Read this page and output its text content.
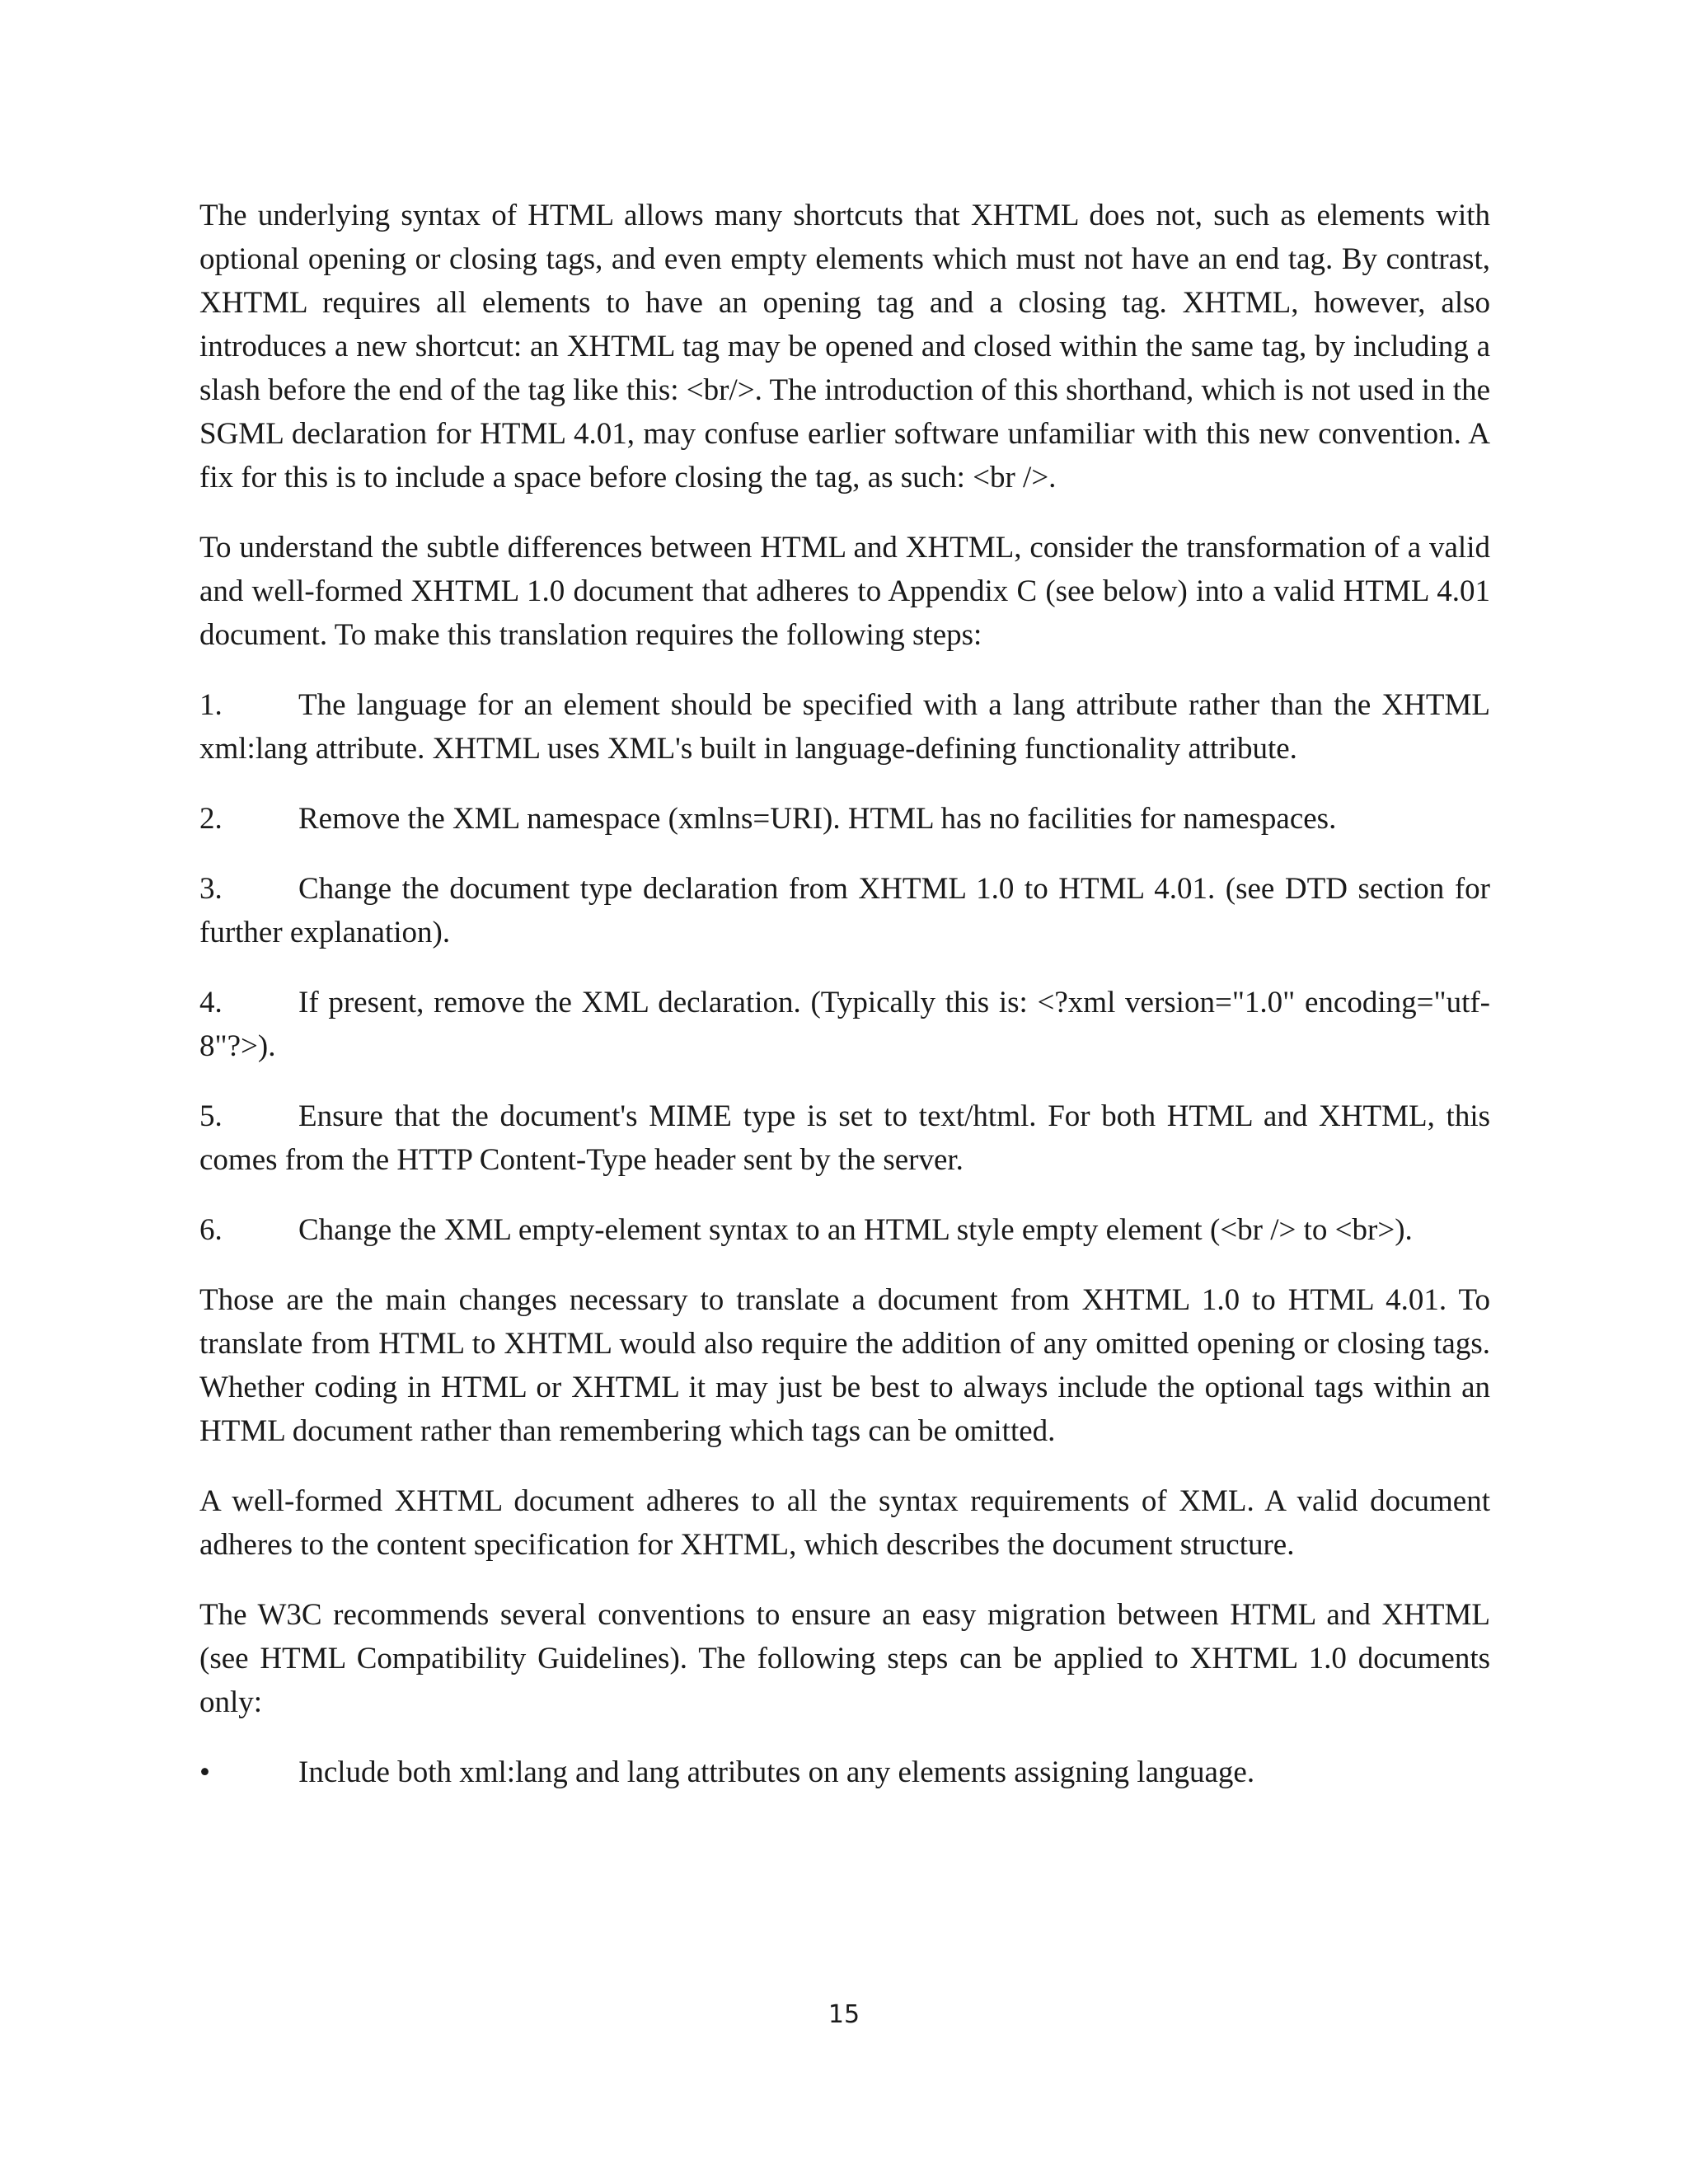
The underlying syntax of HTML allows many shortcuts that XHTML does not, such as elements with optional opening or closing tags, and even empty elements which must not have an end tag. By contrast, XHTML requires all elements to have an opening tag and a closing tag. XHTML, however, also introduces a new shortcut: an XHTML tag may be opened and closed within the same tag, by including a slash before the end of the tag like this: <br/>. The introduction of this shorthand, which is not used in the SGML declaration for HTML 4.01, may confuse earlier software unfamiliar with this new convention. A fix for this is to include a space before closing the tag, as such: <br />.

To understand the subtle differences between HTML and XHTML, consider the transformation of a valid and well-formed XHTML 1.0 document that adheres to Appendix C (see below) into a valid HTML 4.01 document. To make this translation requires the following steps:

1. The language for an element should be specified with a lang attribute rather than the XHTML xml:lang attribute. XHTML uses XML's built in language-defining functionality attribute.
2. Remove the XML namespace (xmlns=URI). HTML has no facilities for namespaces.
3. Change the document type declaration from XHTML 1.0 to HTML 4.01. (see DTD section for further explanation).
4. If present, remove the XML declaration. (Typically this is: <?xml version="1.0" encoding="utf-8"?>).
5. Ensure that the document's MIME type is set to text/html. For both HTML and XHTML, this comes from the HTTP Content-Type header sent by the server.
6. Change the XML empty-element syntax to an HTML style empty element (<br /> to <br>).

Those are the main changes necessary to translate a document from XHTML 1.0 to HTML 4.01. To translate from HTML to XHTML would also require the addition of any omitted opening or closing tags. Whether coding in HTML or XHTML it may just be best to always include the optional tags within an HTML document rather than remembering which tags can be omitted.

A well-formed XHTML document adheres to all the syntax requirements of XML. A valid document adheres to the content specification for XHTML, which describes the document structure.

The W3C recommends several conventions to ensure an easy migration between HTML and XHTML (see HTML Compatibility Guidelines). The following steps can be applied to XHTML 1.0 documents only:

•	Include both xml:lang and lang attributes on any elements assigning language.
15
